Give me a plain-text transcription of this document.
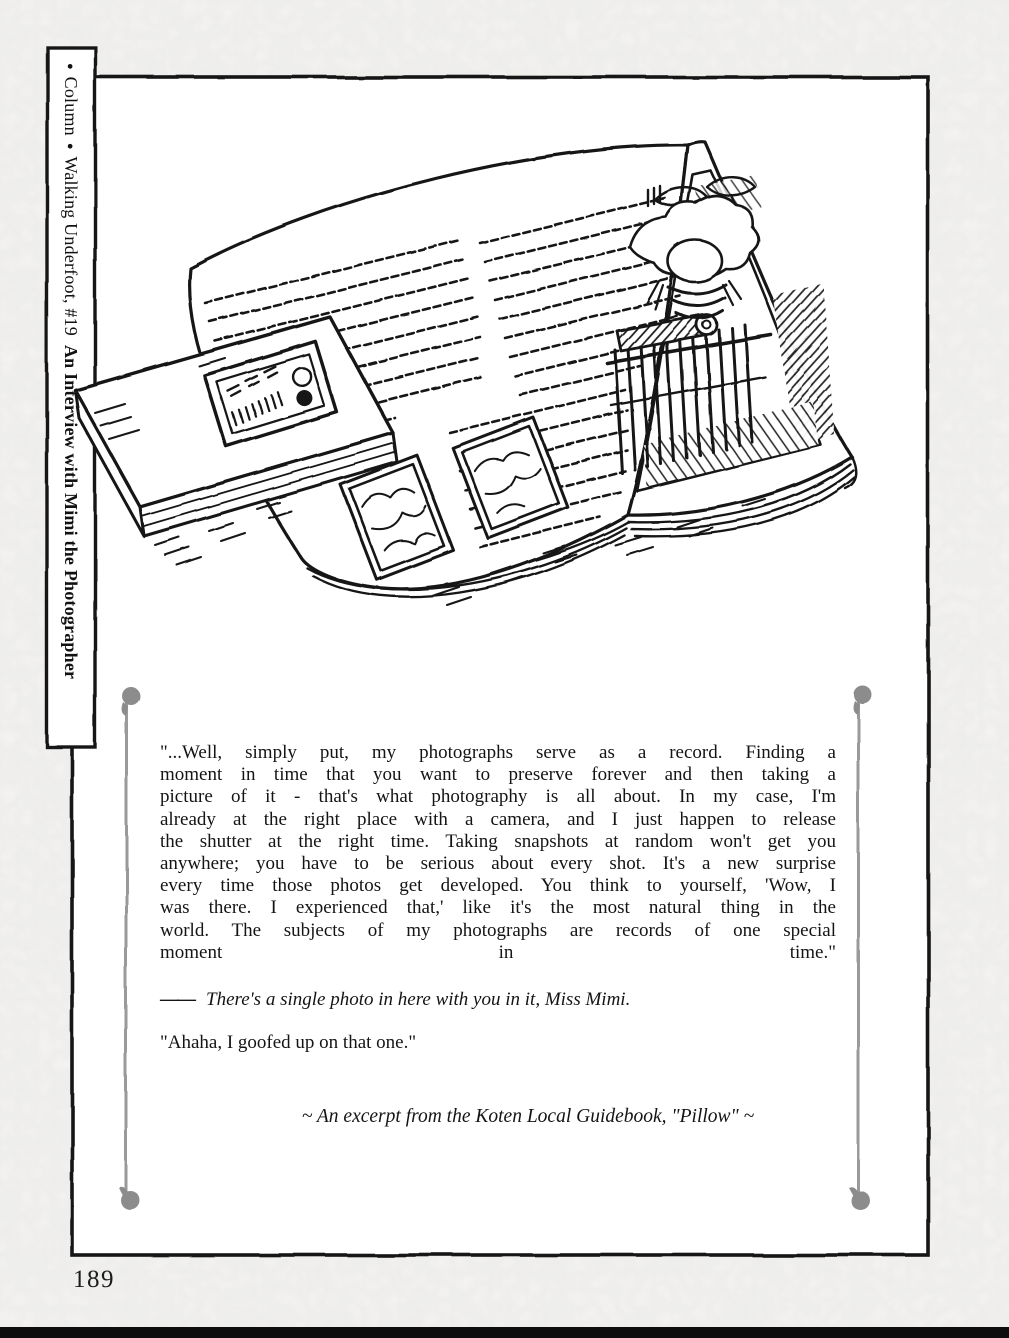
●Column●Walking Underfoot, #19An Interview with Mimi the Photographer
"...Well, simply put, my photographs serve as a record. Finding a
moment in time that you want to preserve forever and then taking a
picture of it - that's what photography is all about. In my case, I'm
already at the right place with a camera, and I just happen to release
the shutter at the right time. Taking snapshots at random won't get you
anywhere; you have to be serious about every shot. It's a new surprise
every time those photos get developed. You think to yourself, 'Wow, I
was there. I experienced that,' like it's the most natural thing in the
world. The subjects of my photographs are records of one special
moment in time."
—— There's a single photo in here with you in it, Miss Mimi.
"Ahaha, I goofed up on that one."
~ An excerpt from the Koten Local Guidebook, "Pillow" ~
189
